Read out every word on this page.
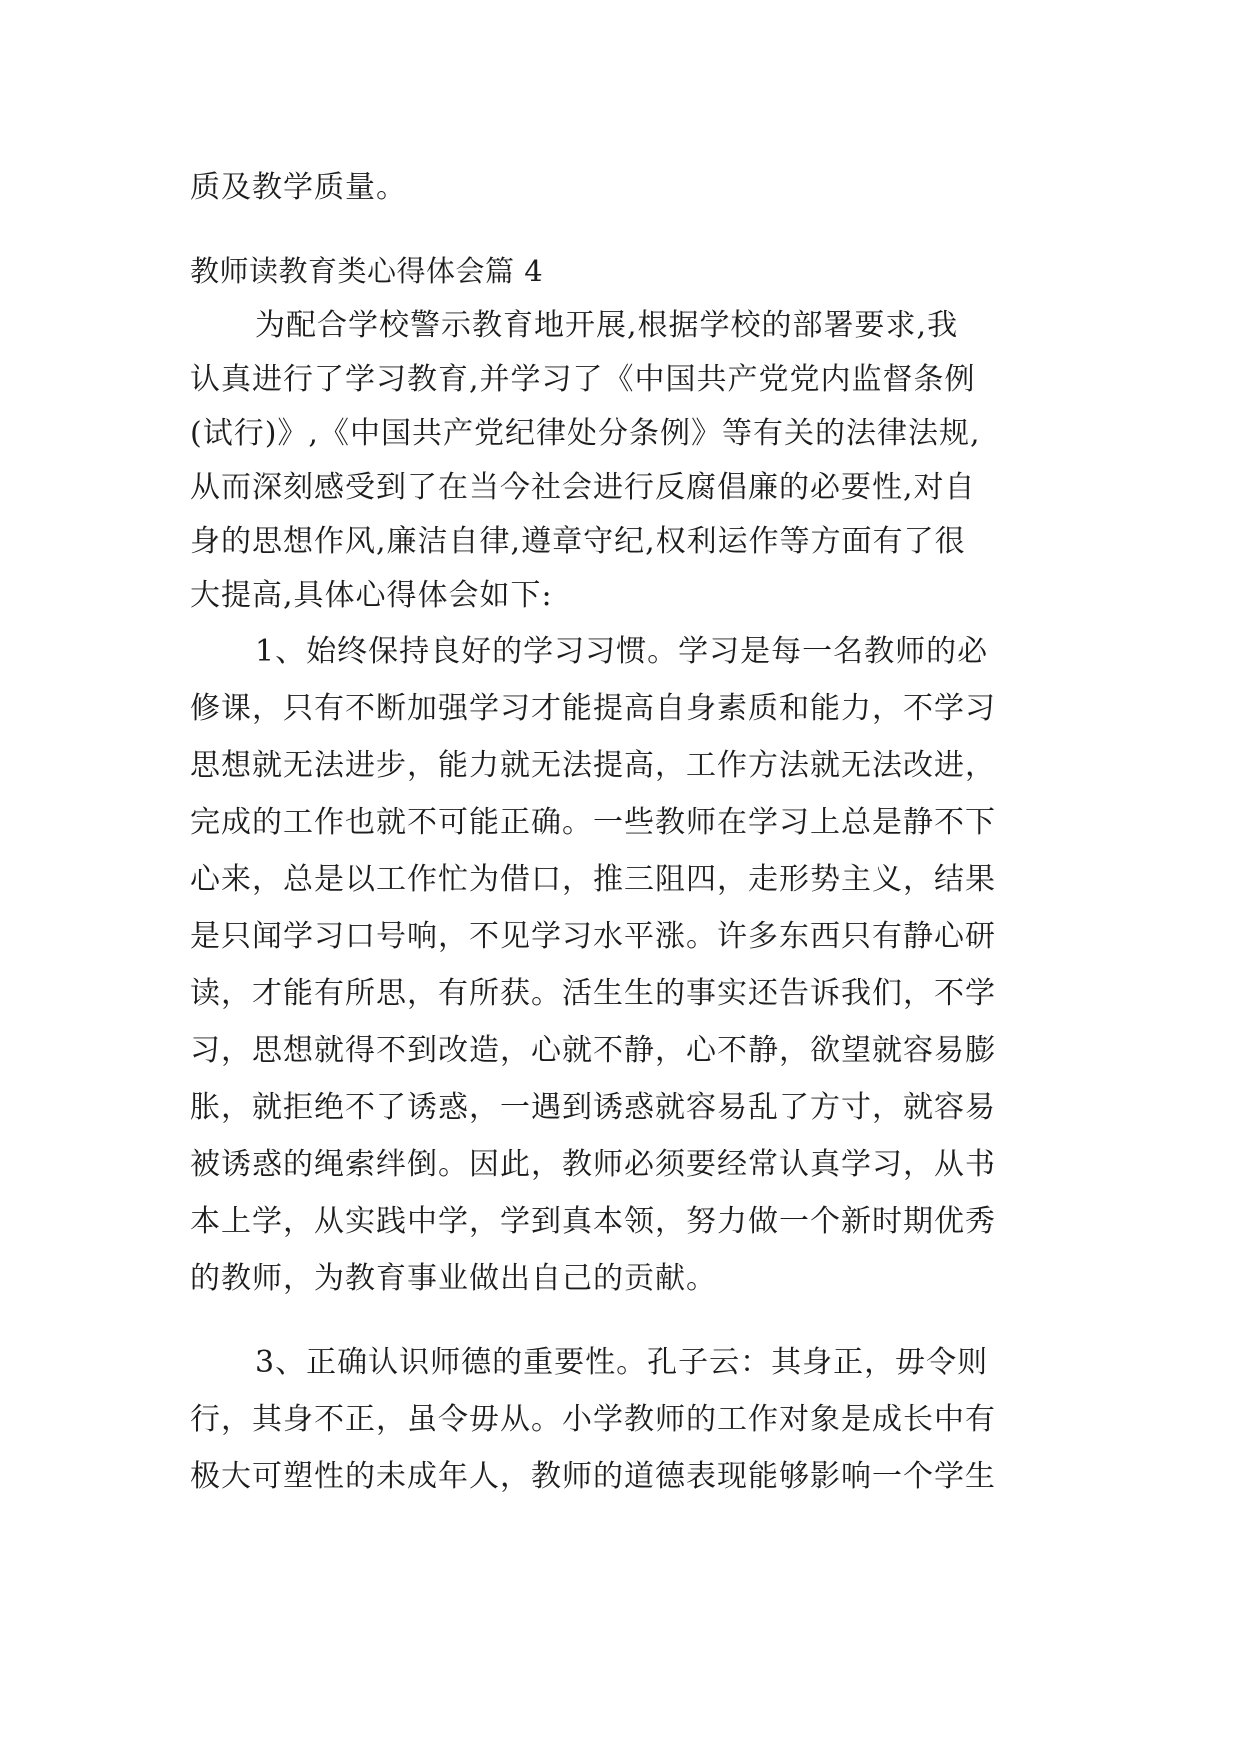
质及教学质量。
教师读教育类心得体会篇 4
为配合学校警示教育地开展,根据学校的部署要求,我
认真进行了学习教育,并学习了《中国共产党党内监督条例
(试行)》,《中国共产党纪律处分条例》等有关的法律法规,
从而深刻感受到了在当今社会进行反腐倡廉的必要性,对自
身的思想作风,廉洁自律,遵章守纪,权利运作等方面有了很
大提高,具体心得体会如下:
1、始终保持良好的学习习惯。学习是每一名教师的必
修课，只有不断加强学习才能提高自身素质和能力，不学习
思想就无法进步，能力就无法提高，工作方法就无法改进，
完成的工作也就不可能正确。一些教师在学习上总是静不下
心来，总是以工作忙为借口，推三阻四，走形势主义，结果
是只闻学习口号响，不见学习水平涨。许多东西只有静心研
读，才能有所思，有所获。活生生的事实还告诉我们，不学
习，思想就得不到改造，心就不静，心不静，欲望就容易膨
胀，就拒绝不了诱惑，一遇到诱惑就容易乱了方寸，就容易
被诱惑的绳索绊倒。因此，教师必须要经常认真学习，从书
本上学，从实践中学，学到真本领，努力做一个新时期优秀
的教师，为教育事业做出自己的贡献。
3、正确认识师德的重要性。孔子云：其身正，毋令则
行，其身不正，虽令毋从。小学教师的工作对象是成长中有
极大可塑性的未成年人，教师的道德表现能够影响一个学生
